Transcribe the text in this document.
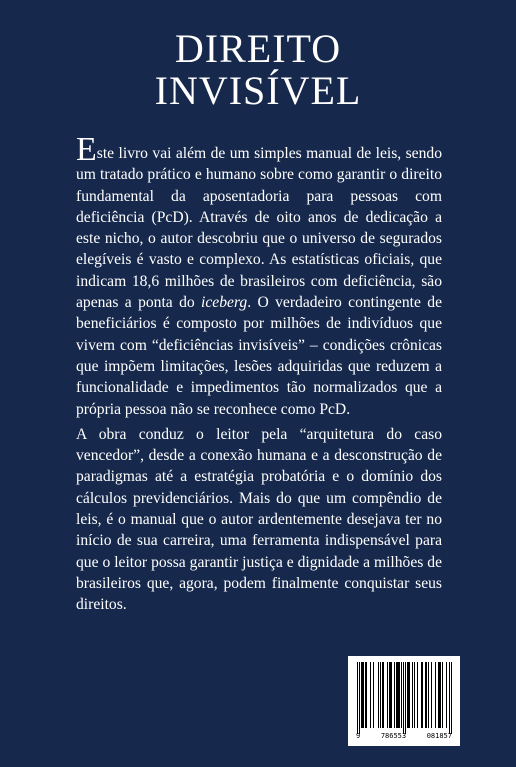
DIREITO
INVISÍVEL

Este livro vai além de um simples manual de leis, sendo um tratado prático e humano sobre como garantir o direito fundamental da aposentadoria para pessoas com deficiência (PcD). Através de oito anos de dedicação a este nicho, o autor descobriu que o universo de segurados elegíveis é vasto e complexo. As estatísticas oficiais, que indicam 18,6 milhões de brasileiros com deficiência, são apenas a ponta do iceberg. O verdadeiro contingente de beneficiários é composto por milhões de indivíduos que vivem com “deficiências invisíveis” – condições crônicas que impõem limitações, lesões adquiridas que reduzem a funcionalidade e impedimentos tão normalizados que a própria pessoa não se reconhece como PcD.

A obra conduz o leitor pela “arquitetura do caso vencedor”, desde a conexão humana e a desconstrução de paradigmas até a estratégia probatória e o domínio dos cálculos previdenciários. Mais do que um compêndio de leis, é o manual que o autor ardentemente desejava ter no início de sua carreira, uma ferramenta indispensável para que o leitor possa garantir justiça e dignidade a milhões de brasileiros que, agora, podem finalmente conquistar seus direitos.

9	786553	081857
